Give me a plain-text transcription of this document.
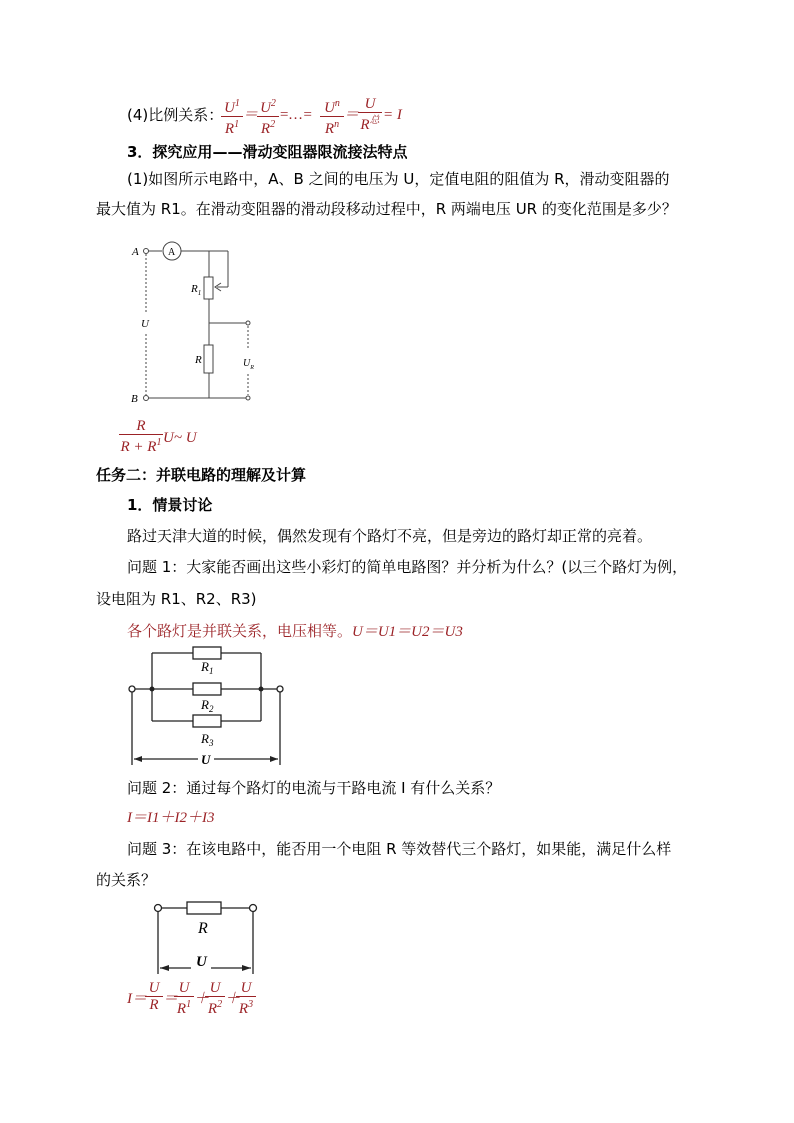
(4)比例关系：
$\frac{U^1}{R^1}$ ＝
$\frac{U^2}{R^2}$ =…= $\frac{U^n}{R^n}$ ＝
U
$R^总 = I$
3．探究应用——滑动变阻器限流接法特点
(1)如图所示电路中，A、B 之间的电压为 U，定值电阻的阻值为 R，滑动变阻器的
最大值为 R1。在滑动变阻器的滑动段移动过程中，R 两端电压 UR 的变化范围是多少？
A	A
$R_1$
R
U
$U_R$
B
$\frac{R}{R + R^1}$ U~ U
任务二：并联电路的理解及计算
1．情景讨论
路过天津大道的时候，偶然发现有个路灯不亮，但是旁边的路灯却正常的亮着。
问题 1：大家能否画出这些小彩灯的简单电路图？并分析为什么？(以三个路灯为例，
设电阻为 R1、R2、R3)
各个路灯是并联关系，电压相等。U＝U1＝U2＝U3
$R_1$
$R_2$
$R_3$
U
问题 2：通过每个路灯的电流与干路电流 I 有什么关系？
I＝I1＋I2＋I3
问题 3：在该电路中，能否用一个电阻 R 等效替代三个路灯，如果能，满足什么样
的关系？
R
U
I＝
$\frac{U}{R}$ ＝
$\frac{U}{R^1}$ ＋
$\frac{U}{R^2}$ ＋
$\frac{U}{R^3}$
